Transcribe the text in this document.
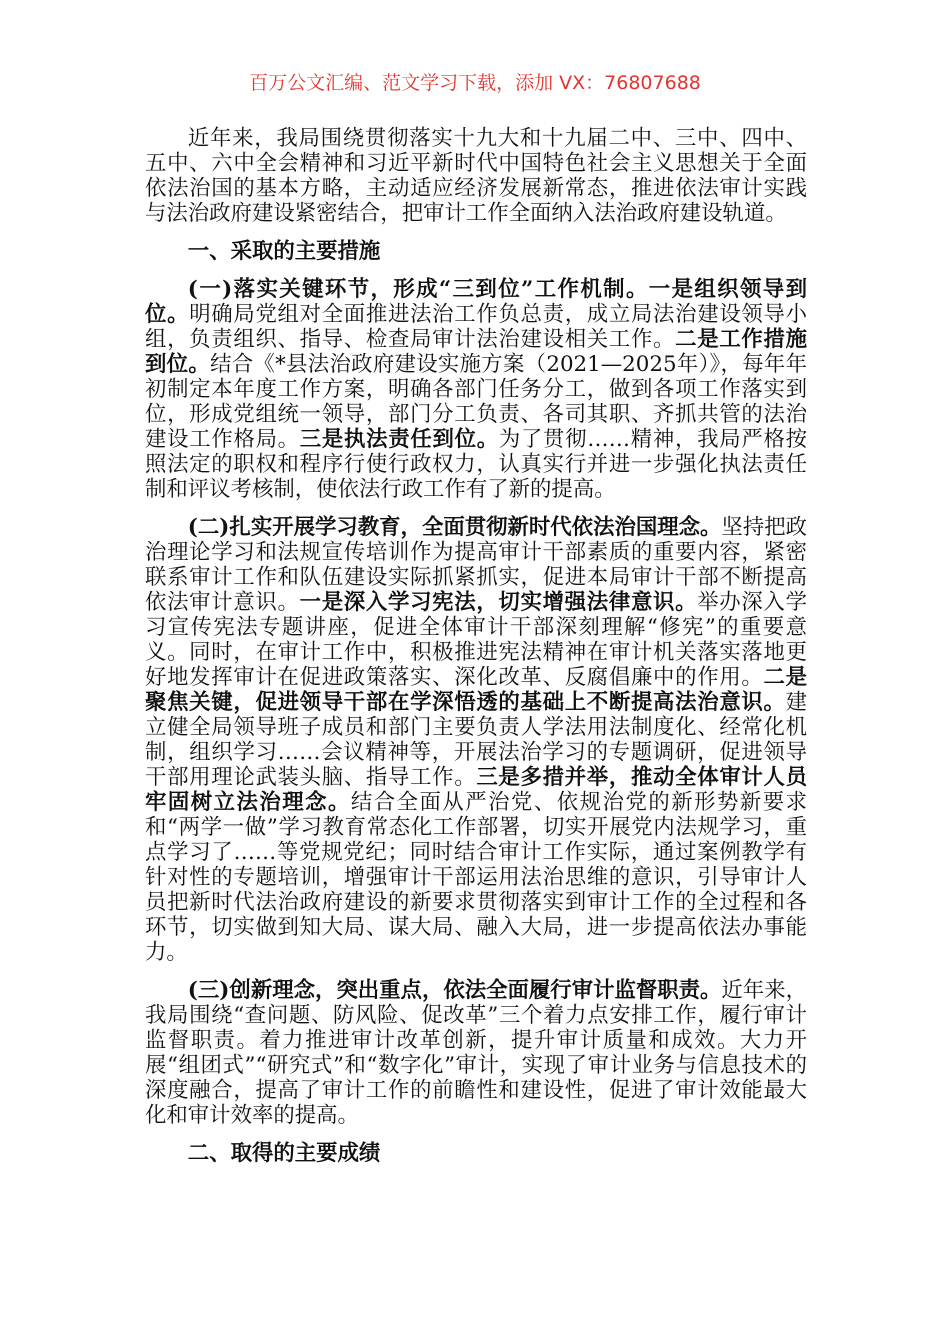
百万公文汇编、范文学习下载，添加 VX：76807688

近年来，我局围绕贯彻落实十九大和十九届二中、三中、四中、五中、六中全会精神和习近平新时代中国特色社会主义思想关于全面依法治国的基本方略，主动适应经济发展新常态，推进依法审计实践与法治政府建设紧密结合，把审计工作全面纳入法治政府建设轨道。

一、采取的主要措施

(一)落实关键环节，形成“三到位”工作机制。一是组织领导到位。明确局党组对全面推进法治工作负总责，成立局法治建设领导小组，负责组织、指导、检查局审计法治建设相关工作。二是工作措施到位。结合《*县法治政府建设实施方案（2021—2025年）》，每年年初制定本年度工作方案，明确各部门任务分工，做到各项工作落实到位，形成党组统一领导，部门分工负责、各司其职、齐抓共管的法治建设工作格局。三是执法责任到位。为了贯彻……精神，我局严格按照法定的职权和程序行使行政权力，认真实行并进一步强化执法责任制和评议考核制，使依法行政工作有了新的提高。

(二)扎实开展学习教育，全面贯彻新时代依法治国理念。坚持把政治理论学习和法规宣传培训作为提高审计干部素质的重要内容，紧密联系审计工作和队伍建设实际抓紧抓实，促进本局审计干部不断提高依法审计意识。一是深入学习宪法，切实增强法律意识。举办深入学习宣传宪法专题讲座，促进全体审计干部深刻理解“修宪”的重要意义。同时，在审计工作中，积极推进宪法精神在审计机关落实落地更好地发挥审计在促进政策落实、深化改革、反腐倡廉中的作用。二是聚焦关键，促进领导干部在学深悟透的基础上不断提高法治意识。建立健全局领导班子成员和部门主要负责人学法用法制度化、经常化机制，组织学习……会议精神等，开展法治学习的专题调研，促进领导干部用理论武装头脑、指导工作。三是多措并举，推动全体审计人员牢固树立法治理念。结合全面从严治党、依规治党的新形势新要求和“两学一做”学习教育常态化工作部署，切实开展党内法规学习，重点学习了……等党规党纪；同时结合审计工作实际，通过案例教学有针对性的专题培训，增强审计干部运用法治思维的意识，引导审计人员把新时代法治政府建设的新要求贯彻落实到审计工作的全过程和各环节，切实做到知大局、谋大局、融入大局，进一步提高依法办事能力。

(三)创新理念，突出重点，依法全面履行审计监督职责。近年来，我局围绕“查问题、防风险、促改革”三个着力点安排工作，履行审计监督职责。着力推进审计改革创新，提升审计质量和成效。大力开展“组团式”“研究式”和“数字化”审计，实现了审计业务与信息技术的深度融合，提高了审计工作的前瞻性和建设性，促进了审计效能最大化和审计效率的提高。

二、取得的主要成绩
